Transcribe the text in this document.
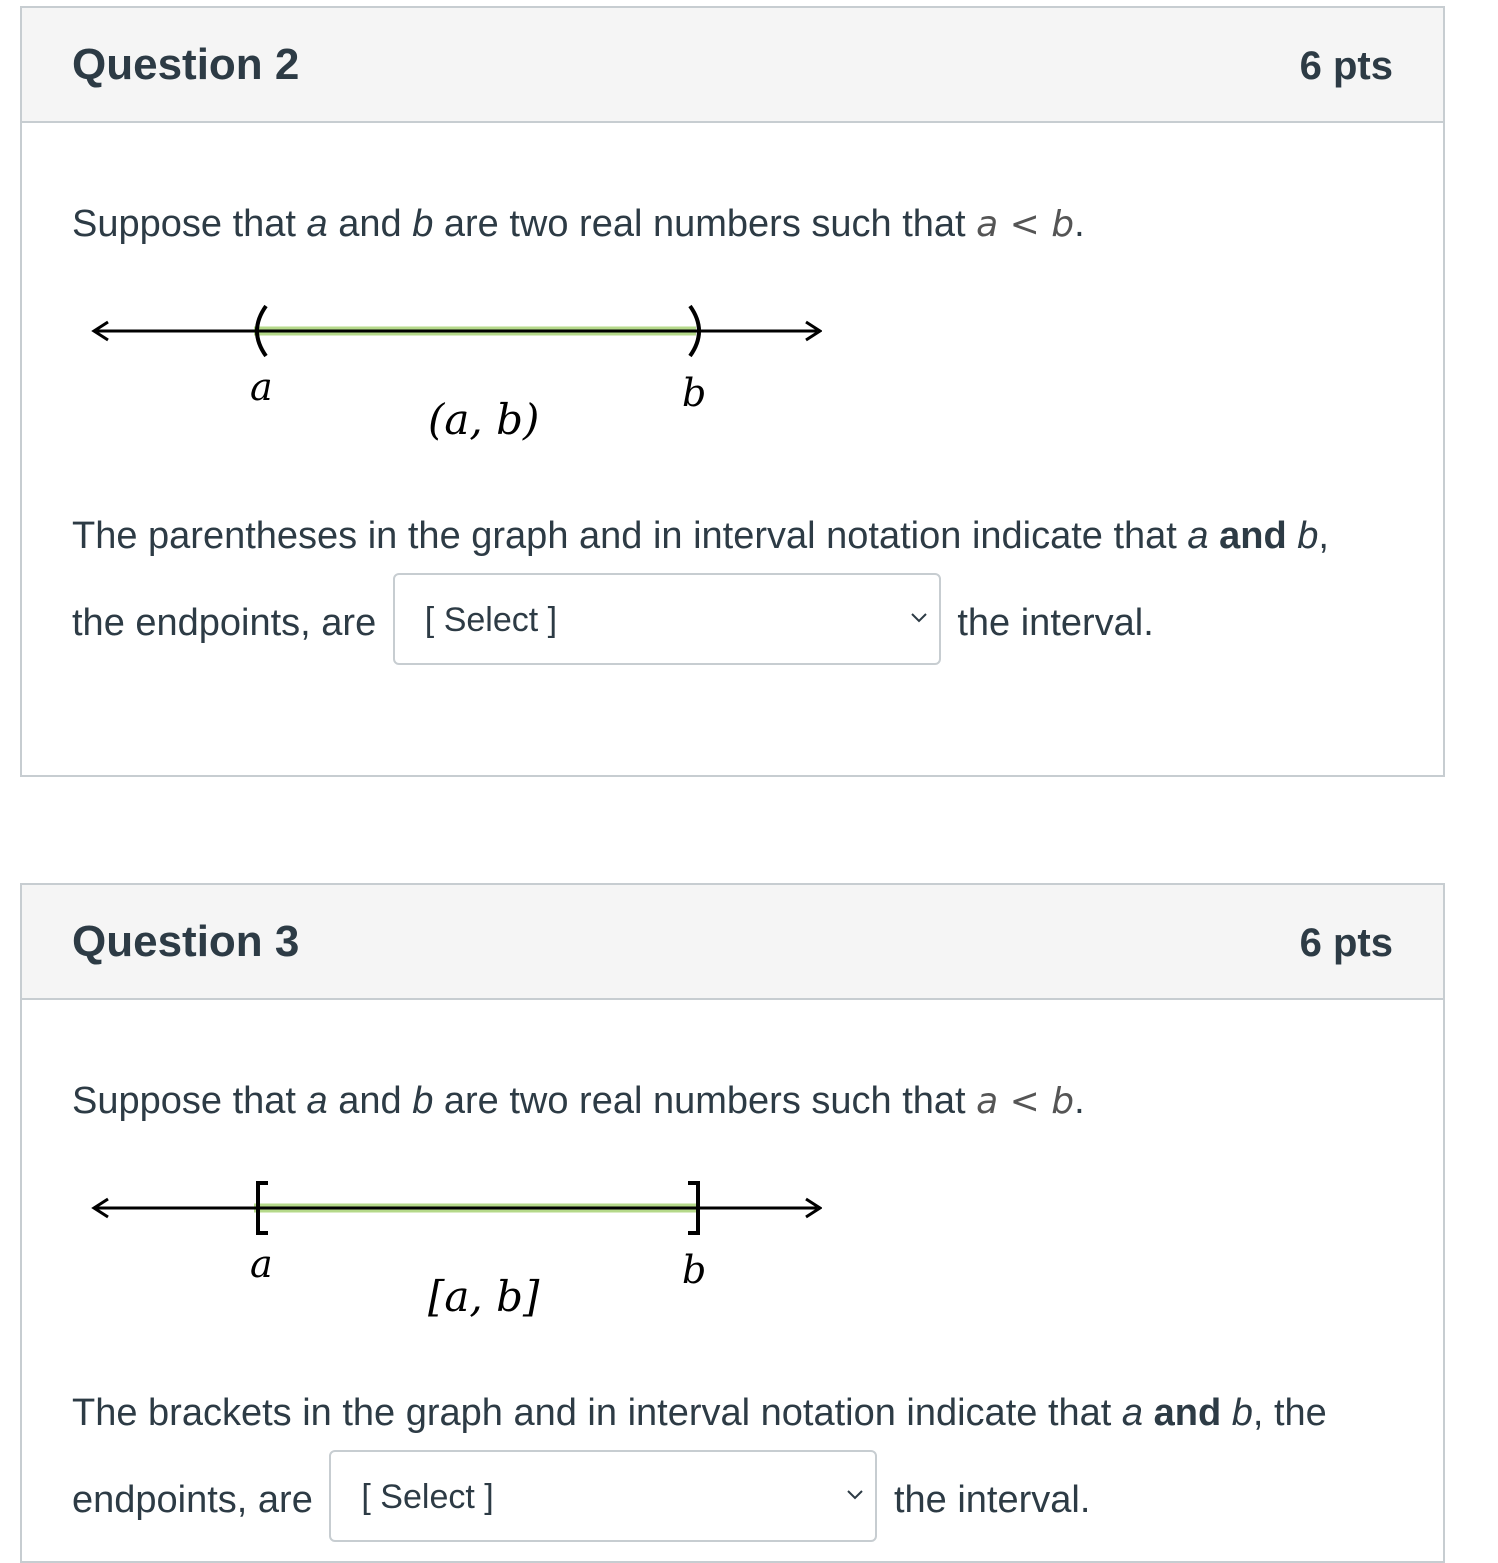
Question 2	6 pts
Suppose that a and b are two real numbers such that a < b.
a	b
(a, b)
The parentheses in the graph and in interval notation indicate that a and b,
the endpoints, are [ Select ]	the interval.
Question 3	6 pts
Suppose that a and b are two real numbers such that a < b.
a	b
[a, b]
The brackets in the graph and in interval notation indicate that a and b, the
endpoints, are [ Select ]	the interval.
